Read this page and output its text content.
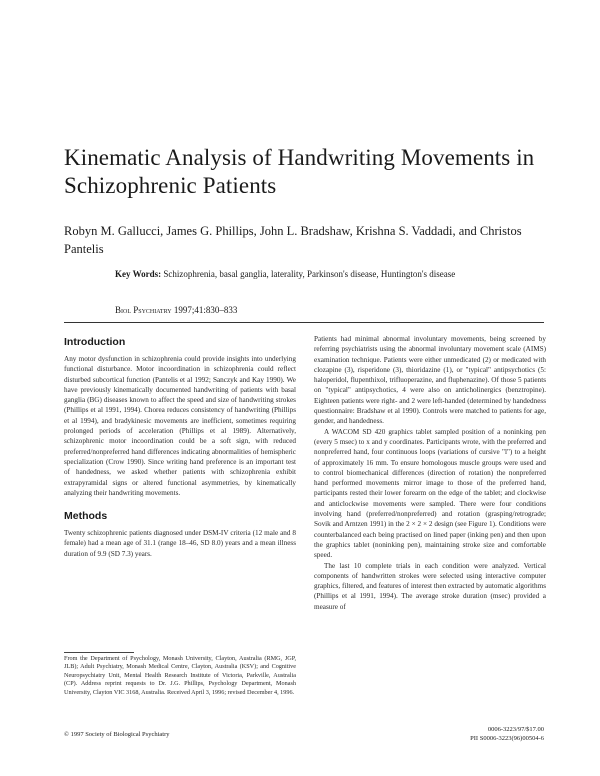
Kinematic Analysis of Handwriting Movements in Schizophrenic Patients

Robyn M. Gallucci, James G. Phillips, John L. Bradshaw, Krishna S. Vaddadi, and Christos Pantelis

Key Words: Schizophrenia, basal ganglia, laterality, Parkinson's disease, Huntington's disease

Biol Psychiatry 1997;41:830–833

Introduction

Any motor dysfunction in schizophrenia could provide insights into underlying functional disturbance. Motor incoordination in schizophrenia could reflect disturbed subcortical function (Pantelis et al 1992; Sanczyk and Kay 1990). We have previously kinematically documented handwriting of patients with basal ganglia (BG) diseases known to affect the speed and size of handwriting strokes (Phillips et al 1991, 1994). Chorea reduces consistency of handwriting (Phillips et al 1994), and bradykinesic movements are inefficient, sometimes requiring prolonged periods of acceleration (Phillips et al 1989). Alternatively, schizophrenic motor incoordination could be a soft sign, with reduced preferred/nonpreferred hand differences indicating abnormalities of hemispheric specialization (Crow 1990). Since writing hand preference is an important test of handedness, we asked whether patients with schizophrenia exhibit extrapyramidal signs or altered functional asymmetries, by kinematically analyzing their handwriting movements.

Methods

Twenty schizophrenic patients diagnosed under DSM-IV criteria (12 male and 8 female) had a mean age of 31.1 (range 18–46, SD 8.0) years and a mean illness duration of 9.9 (SD 7.3) years.

From the Department of Psychology, Monash University, Clayton, Australia (RMG, JGP, JLB); Adult Psychiatry, Monash Medical Centre, Clayton, Australia (KSV); and Cognitive Neuropsychiatry Unit, Mental Health Research Institute of Victoria, Parkville, Australia (CP). Address reprint requests to Dr. J.G. Phillips, Psychology Department, Monash University, Clayton VIC 3168, Australia. Received April 3, 1996; revised December 4, 1996.

Patients had minimal abnormal involuntary movements, being screened by referring psychiatrists using the abnormal involuntary movement scale (AIMS) examination technique. Patients were either unmedicated (2) or medicated with clozapine (3), risperidone (3), thioridazine (1), or "typical" antipsychotics (5: haloperidol, flupenthixol, trifluoperazine, and fluphenazine). Of those 5 patients on "typical" antipsychotics, 4 were also on anticholinergics (benztropine). Eighteen patients were right- and 2 were left-handed (determined by handedness questionnaire: Bradshaw et al 1990). Controls were matched to patients for age, gender, and handedness.

A WACOM SD 420 graphics tablet sampled position of a noninking pen (every 5 msec) to x and y coordinates. Participants wrote, with the preferred and nonpreferred hand, four continuous loops (variations of cursive "l") to a height of approximately 16 mm. To ensure homologous muscle groups were used and to control biomechanical differences (direction of rotation) the nonpreferred hand performed movements mirror image to those of the preferred hand, participants rested their lower forearm on the edge of the tablet; and clockwise and anticlockwise movements were sampled. There were four conditions involving hand (preferred/nonpreferred) and rotation (grasping/retrograde; Sovik and Arntzen 1991) in the 2 × 2 × 2 design (see Figure 1). Conditions were counterbalanced each being practised on lined paper (inking pen) and then upon the graphics tablet (noninking pen), maintaining stroke size and comfortable speed.

The last 10 complete trials in each condition were analyzed. Vertical components of handwritten strokes were selected using interactive computer graphics, filtered, and features of interest then extracted by automatic algorithms (Phillips et al 1991, 1994). The average stroke duration (msec) provided a measure of

© 1997 Society of Biological Psychiatry

0006-3223/97/$17.00
PII S0006-3223(96)00504-6
